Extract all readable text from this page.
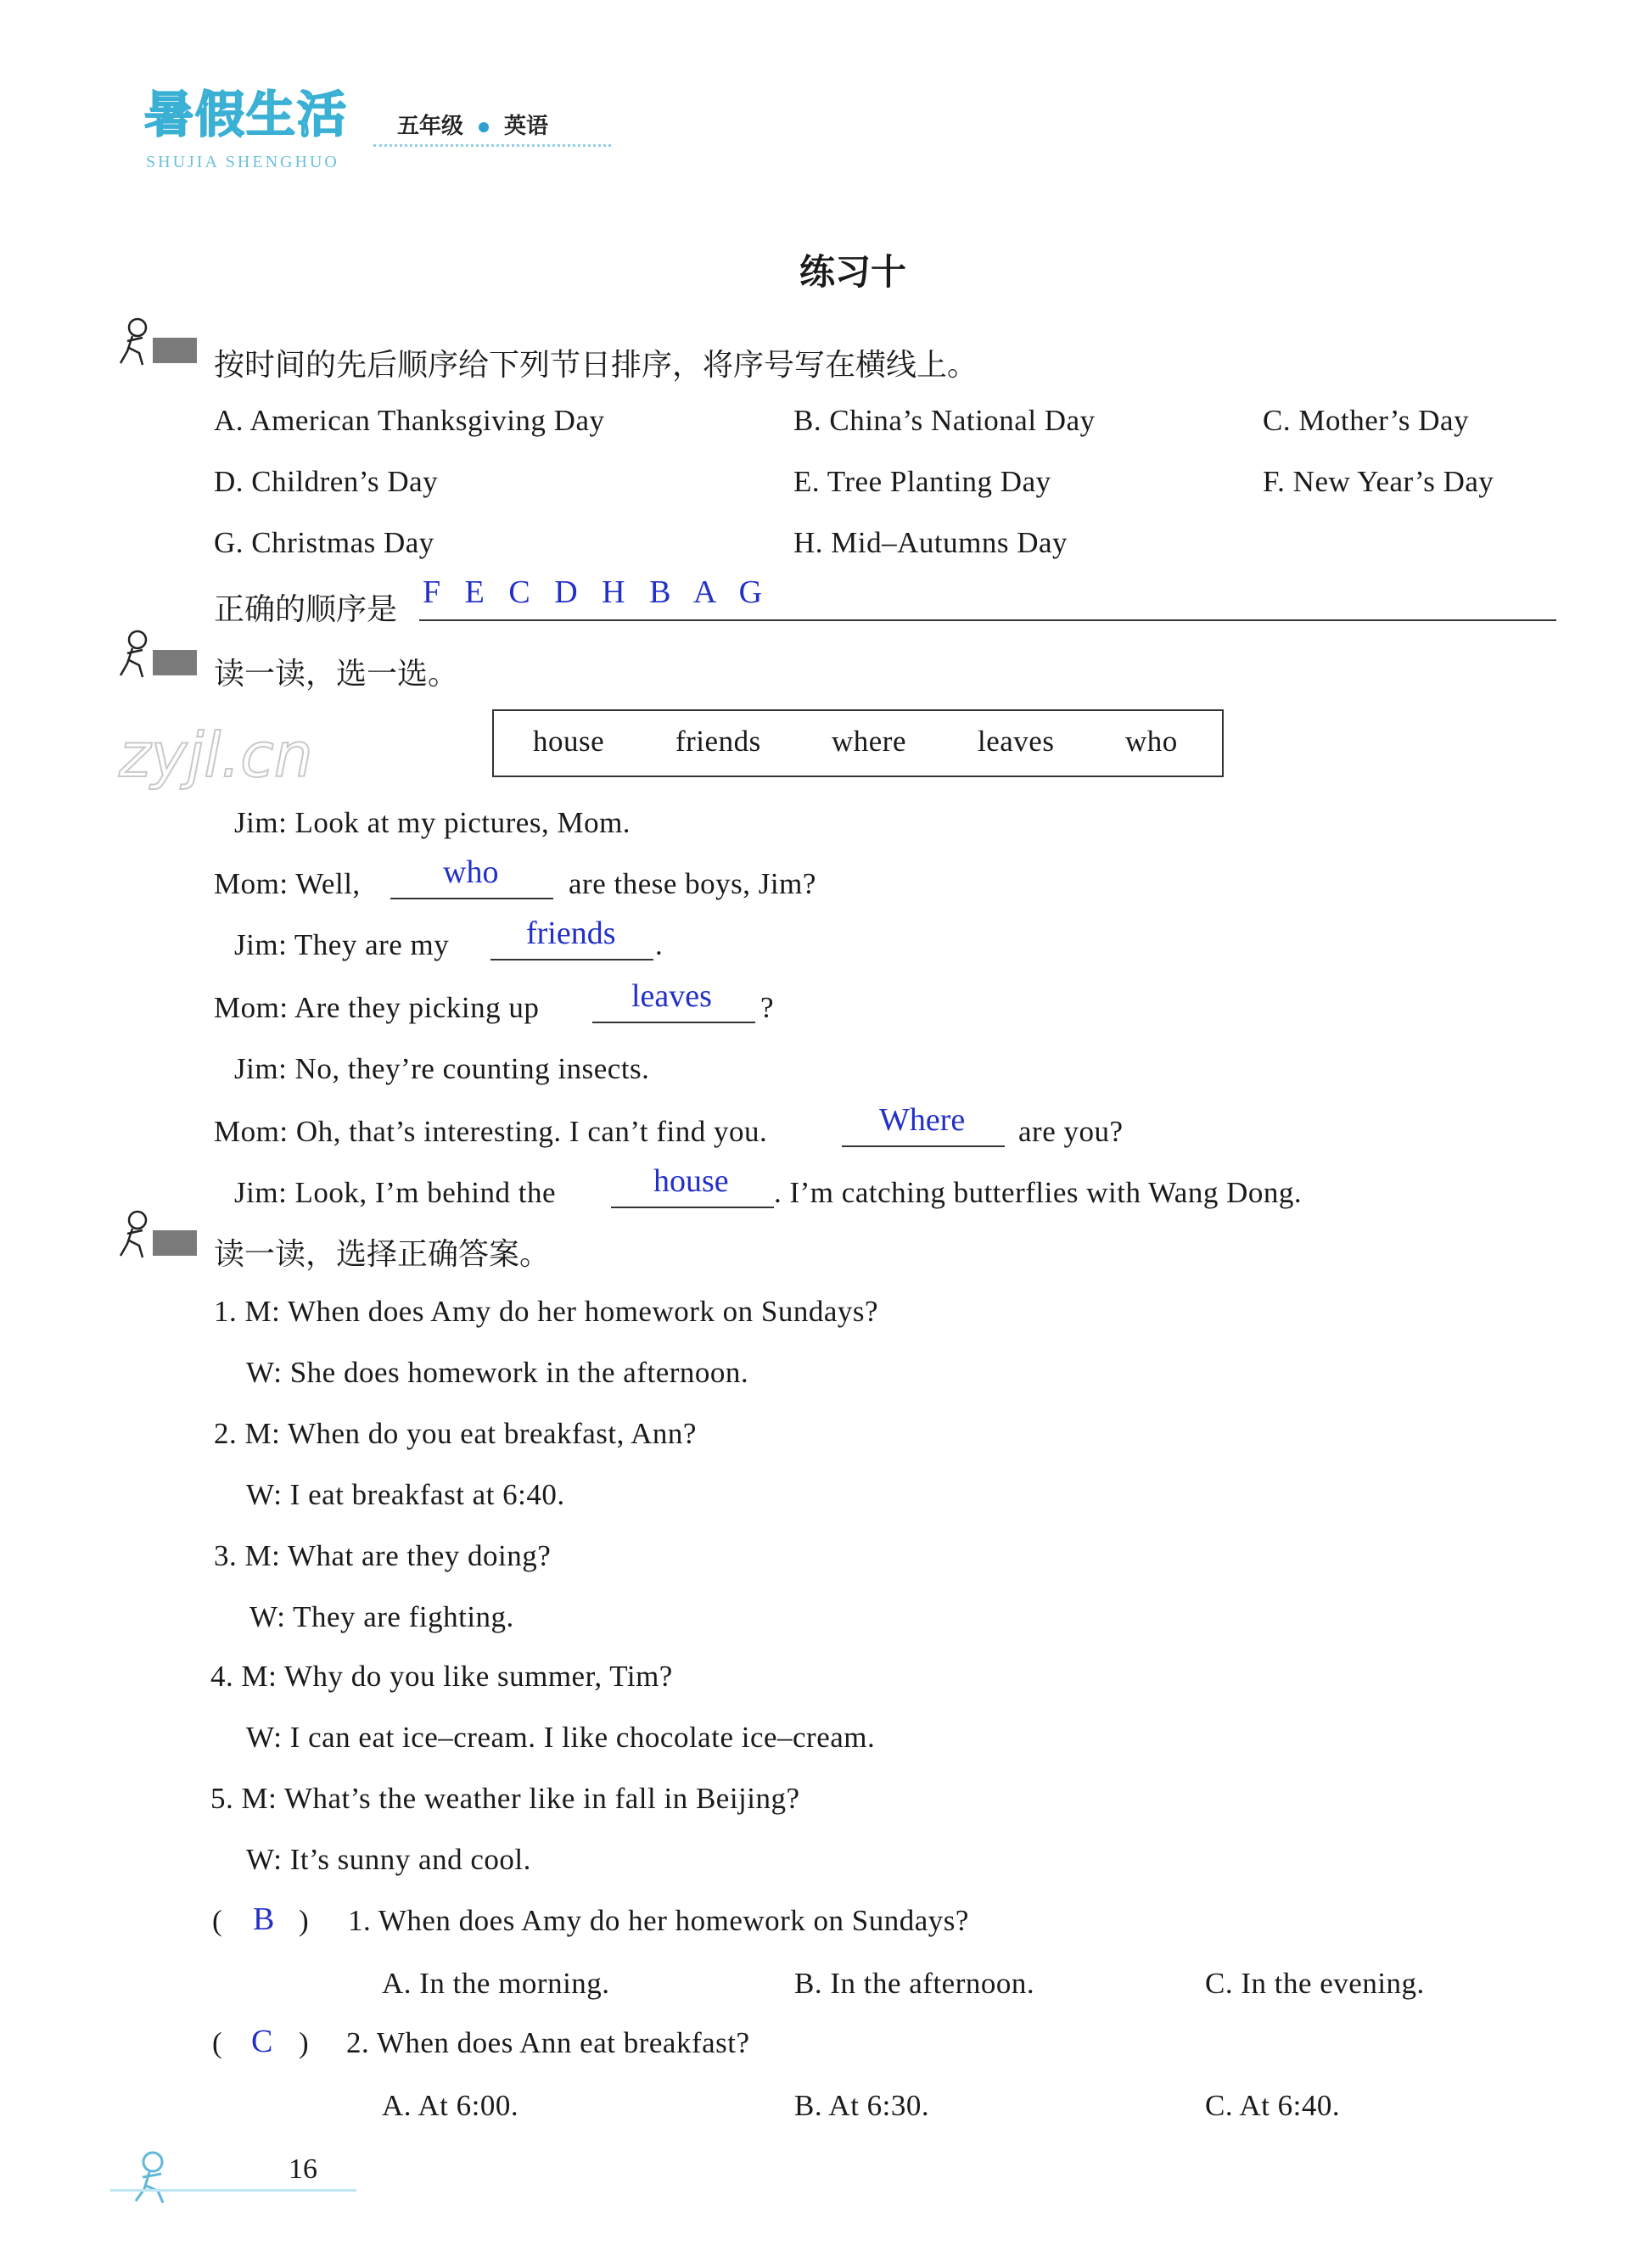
暑假生活
SHUJIA SHENGHUO
五年级 英语
练习十
按时间的先后顺序给下列节日排序，将序号写在横线上。
A. American Thanksgiving Day	B. China’s National Day	C. Mother’s Day
D. Children’s Day	E. Tree Planting Day	F. New Year’s Day
G. Christmas Day	H. Mid–Autumns Day
正确的顺序是 F   E   C   D   H   B   A   G
读一读，选一选。
zyjl.cn	house friends where leaves who
Jim: Look at my pictures, Mom.
Mom: Well,	who are these boys, Jim?
Jim: They are my friends .
Mom: Are they picking up	leaves ?
Jim: No, they’re counting insects.
Mom: Oh, that’s interesting. I can’t find you.	Where are you?
Jim: Look, I’m behind the	house . I’m catching butterflies with Wang Dong.
读一读，选择正确答案。
1. M: When does Amy do her homework on Sundays?
W: She does homework in the afternoon.
2. M: When do you eat breakfast, Ann?
W: I eat breakfast at 6:40.
3. M: What are they doing?
W: They are fighting.
4. M: Why do you like summer, Tim?
W: I can eat ice–cream. I like chocolate ice–cream.
5. M: What’s the weather like in fall in Beijing?
W: It’s sunny and cool.
( B ) 1. When does Amy do her homework on Sundays?
A. In the morning.	B. In the afternoon.	C. In the evening.
( C ) 2. When does Ann eat breakfast?
A. At 6:00.	B. At 6:30.	C. At 6:40.
16
